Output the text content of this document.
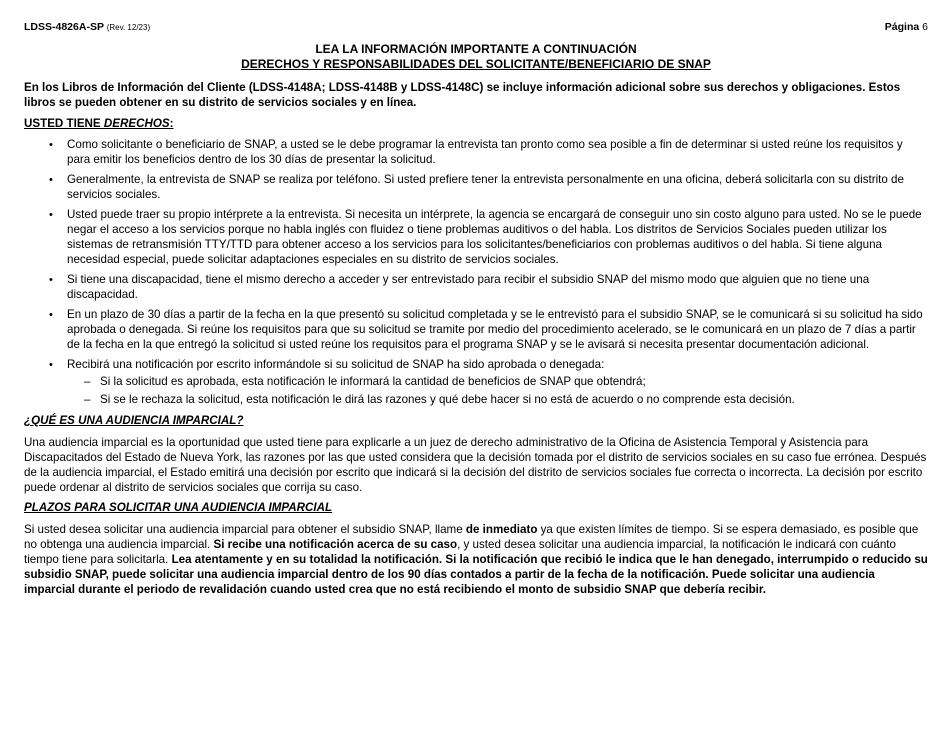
LDSS-4826A-SP (Rev. 12/23)	Página 6
LEA LA INFORMACIÓN IMPORTANTE A CONTINUACIÓN
DERECHOS Y RESPONSABILIDADES DEL SOLICITANTE/BENEFICIARIO DE SNAP
En los Libros de Información del Cliente (LDSS-4148A; LDSS-4148B y LDSS-4148C) se incluye información adicional sobre sus derechos y obligaciones. Estos libros se pueden obtener en su distrito de servicios sociales y en línea.
USTED TIENE DERECHOS:
• Como solicitante o beneficiario de SNAP, a usted se le debe programar la entrevista tan pronto como sea posible a fin de determinar si usted reúne los requisitos y para emitir los beneficios dentro de los 30 días de presentar la solicitud.
• Generalmente, la entrevista de SNAP se realiza por teléfono. Si usted prefiere tener la entrevista personalmente en una oficina, deberá solicitarla con su distrito de servicios sociales.
• Usted puede traer su propio intérprete a la entrevista. Si necesita un intérprete, la agencia se encargará de conseguir uno sin costo alguno para usted. No se le puede negar el acceso a los servicios porque no habla inglés con fluidez o tiene problemas auditivos o del habla. Los distritos de Servicios Sociales pueden utilizar los sistemas de retransmisión TTY/TTD para obtener acceso a los servicios para los solicitantes/beneficiarios con problemas auditivos o del habla. Si tiene alguna necesidad especial, puede solicitar adaptaciones especiales en su distrito de servicios sociales.
• Si tiene una discapacidad, tiene el mismo derecho a acceder y ser entrevistado para recibir el subsidio SNAP del mismo modo que alguien que no tiene una discapacidad.
• En un plazo de 30 días a partir de la fecha en la que presentó su solicitud completada y se le entrevistó para el subsidio SNAP, se le comunicará si su solicitud ha sido aprobada o denegada. Si reúne los requisitos para que su solicitud se tramite por medio del procedimiento acelerado, se le comunicará en un plazo de 7 días a partir de la fecha en la que entregó la solicitud si usted reúne los requisitos para el programa SNAP y se le avisará si necesita presentar documentación adicional.
• Recibirá una notificación por escrito informándole si su solicitud de SNAP ha sido aprobada o denegada:
– Si la solicitud es aprobada, esta notificación le informará la cantidad de beneficios de SNAP que obtendrá;
– Si se le rechaza la solicitud, esta notificación le dirá las razones y qué debe hacer si no está de acuerdo o no comprende esta decisión.
¿QUÉ ES UNA AUDIENCIA IMPARCIAL?

Una audiencia imparcial es la oportunidad que usted tiene para explicarle a un juez de derecho administrativo de la Oficina de Asistencia Temporal y Asistencia para Discapacitados del Estado de Nueva York, las razones por las que usted considera que la decisión tomada por el distrito de servicios sociales en su caso fue errónea. Después de la audiencia imparcial, el Estado emitirá una decisión por escrito que indicará si la decisión del distrito de servicios sociales fue correcta o incorrecta. La decisión por escrito puede ordenar al distrito de servicios sociales que corrija su caso.

PLAZOS PARA SOLICITAR UNA AUDIENCIA IMPARCIAL

Si usted desea solicitar una audiencia imparcial para obtener el subsidio SNAP, llame de inmediato ya que existen límites de tiempo. Si se espera demasiado, es posible que no obtenga una audiencia imparcial. Si recibe una notificación acerca de su caso, y usted desea solicitar una audiencia imparcial, la notificación le indicará con cuánto tiempo tiene para solicitarla. Lea atentamente y en su totalidad la notificación. Si la notificación que recibió le indica que le han denegado, interrumpido o reducido su subsidio SNAP, puede solicitar una audiencia imparcial dentro de los 90 días contados a partir de la fecha de la notificación. Puede solicitar una audiencia imparcial durante el periodo de revalidación cuando usted crea que no está recibiendo el monto de subsidio SNAP que debería recibir.
